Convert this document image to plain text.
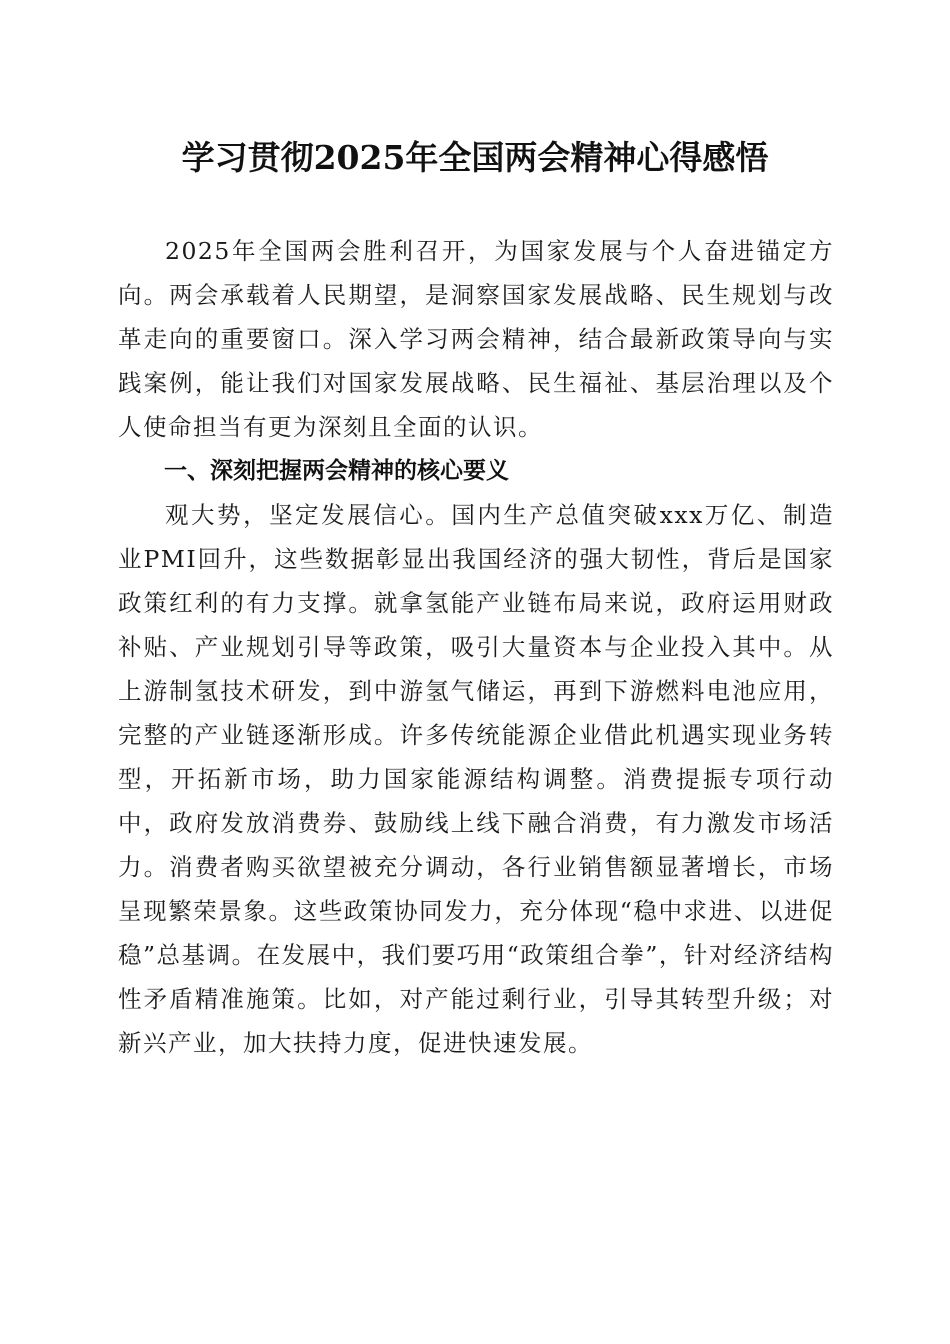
学习贯彻2025年全国两会精神心得感悟

2025年全国两会胜利召开，为国家发展与个人奋进锚定方向。两会承载着人民期望，是洞察国家发展战略、民生规划与改革走向的重要窗口。深入学习两会精神，结合最新政策导向与实践案例，能让我们对国家发展战略、民生福祉、基层治理以及个人使命担当有更为深刻且全面的认识。

一、深刻把握两会精神的核心要义

观大势，坚定发展信心。国内生产总值突破xxx万亿、制造业PMI回升，这些数据彰显出我国经济的强大韧性，背后是国家政策红利的有力支撑。就拿氢能产业链布局来说，政府运用财政补贴、产业规划引导等政策，吸引大量资本与企业投入其中。从上游制氢技术研发，到中游氢气储运，再到下游燃料电池应用，完整的产业链逐渐形成。许多传统能源企业借此机遇实现业务转型，开拓新市场，助力国家能源结构调整。消费提振专项行动中，政府发放消费券、鼓励线上线下融合消费，有力激发市场活力。消费者购买欲望被充分调动，各行业销售额显著增长，市场呈现繁荣景象。这些政策协同发力，充分体现“稳中求进、以进促稳”总基调。在发展中，我们要巧用“政策组合拳”，针对经济结构性矛盾精准施策。比如，对产能过剩行业，引导其转型升级；对新兴产业，加大扶持力度，促进快速发展。
